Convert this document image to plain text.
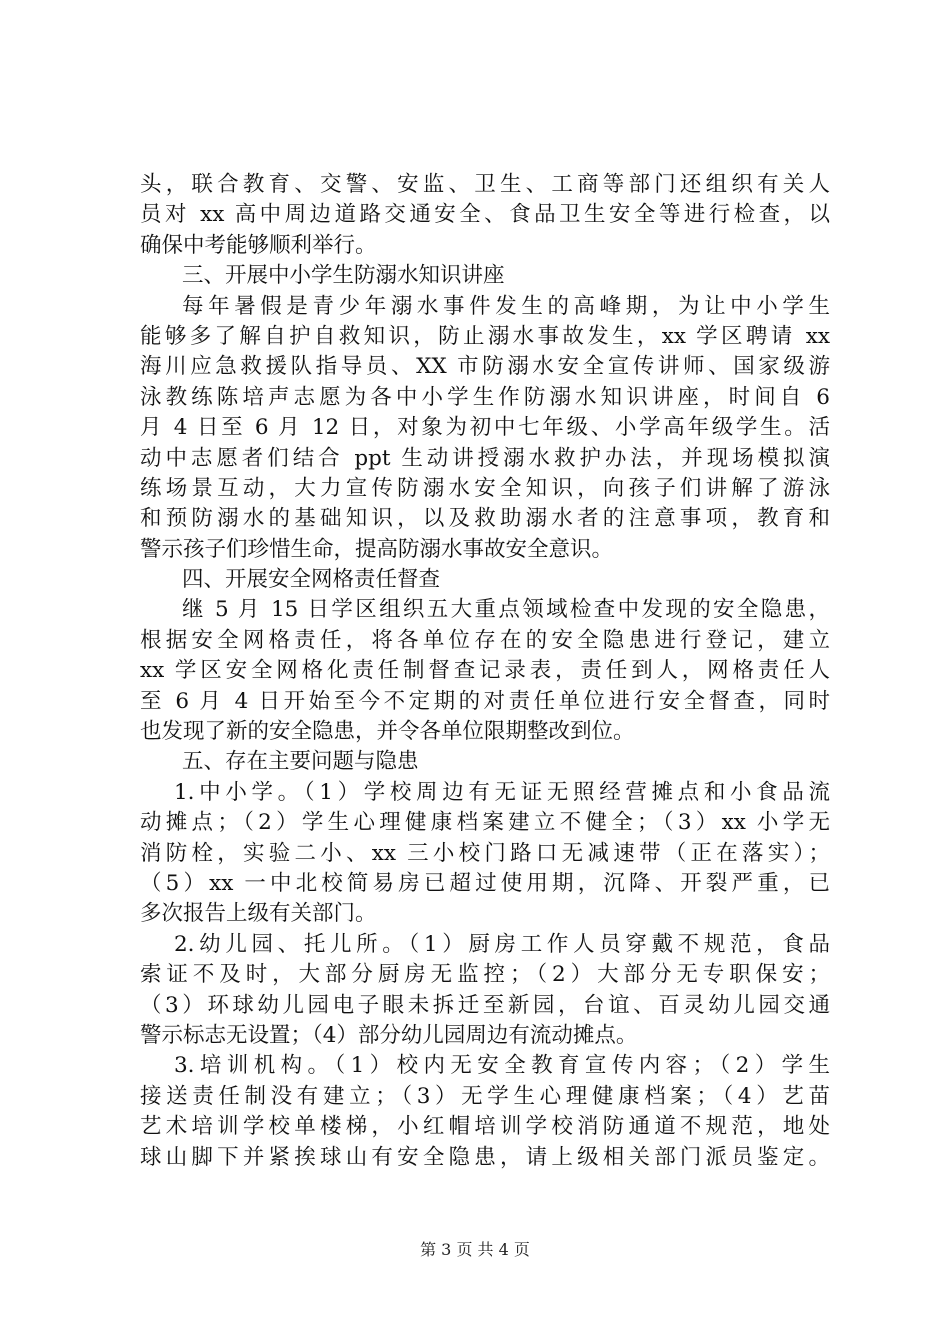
头，联合教育、交警、安监、卫生、工商等部门还组织有关人
员对 xx 高中周边道路交通安全、食品卫生安全等进行检查，以
确保中考能够顺利举行。
三、开展中小学生防溺水知识讲座
每年暑假是青少年溺水事件发生的高峰期，为让中小学生
能够多了解自护自救知识，防止溺水事故发生，xx 学区聘请 xx
海川应急救援队指导员、XX 市防溺水安全宣传讲师、国家级游
泳教练陈培声志愿为各中小学生作防溺水知识讲座，时间自 6
月 4 日至 6 月 12 日，对象为初中七年级、小学高年级学生。活
动中志愿者们结合 ppt 生动讲授溺水救护办法，并现场模拟演
练场景互动，大力宣传防溺水安全知识，向孩子们讲解了游泳
和预防溺水的基础知识，以及救助溺水者的注意事项，教育和
警示孩子们珍惜生命，提高防溺水事故安全意识。
四、开展安全网格责任督查
继 5 月 15 日学区组织五大重点领域检查中发现的安全隐患，
根据安全网格责任，将各单位存在的安全隐患进行登记，建立
xx 学区安全网格化责任制督查记录表，责任到人，网格责任人
至 6 月 4 日开始至今不定期的对责任单位进行安全督查，同时
也发现了新的安全隐患，并令各单位限期整改到位。
五、存在主要问题与隐患
1.中小学。（1）学校周边有无证无照经营摊点和小食品流
动摊点；（2）学生心理健康档案建立不健全；（3）xx 小学无
消防栓，实验二小、xx 三小校门路口无减速带（正在落实）；
（5）xx 一中北校简易房已超过使用期，沉降、开裂严重，已
多次报告上级有关部门。
2.幼儿园、托儿所。（1）厨房工作人员穿戴不规范，食品
索证不及时，大部分厨房无监控；（2）大部分无专职保安；
（3）环球幼儿园电子眼未拆迁至新园，台谊、百灵幼儿园交通
警示标志无设置；（4）部分幼儿园周边有流动摊点。
3.培训机构。（1）校内无安全教育宣传内容；（2）学生
接送责任制没有建立；（3）无学生心理健康档案；（4）艺苗
艺术培训学校单楼梯，小红帽培训学校消防通道不规范，地处
球山脚下并紧挨球山有安全隐患，请上级相关部门派员鉴定。
第 3 页 共 4 页
